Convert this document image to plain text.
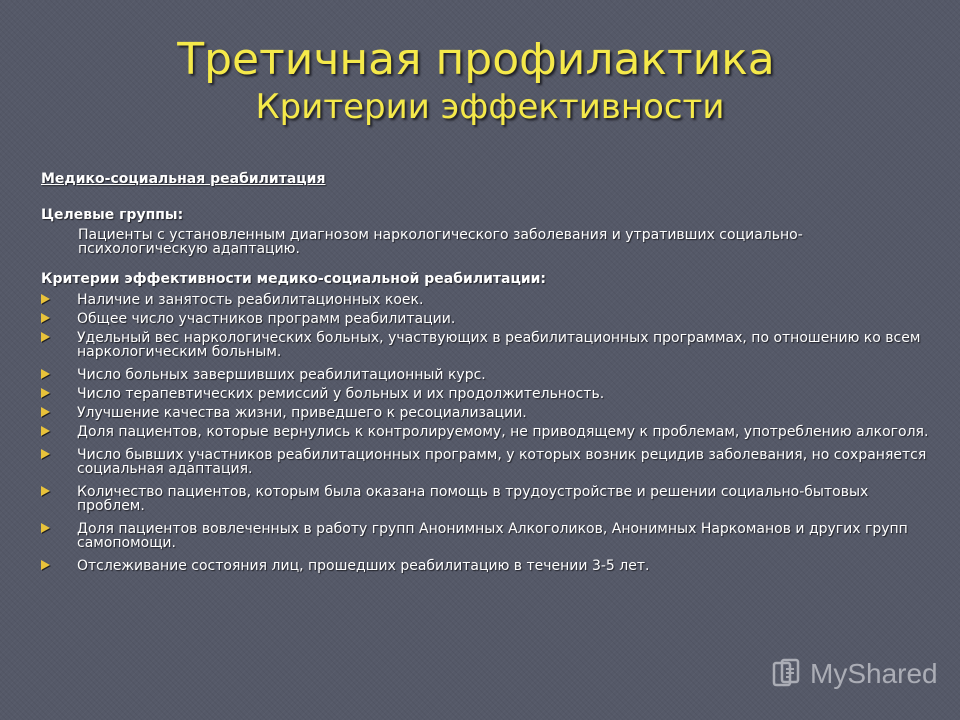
Третичная профилактика
Критерии эффективности

Медико-социальная реабилитация

Целевые группы:

Пациенты с установленным диагнозом наркологического заболевания и утративших социально-психологическую адаптацию.

Критерии эффективности медико-социальной реабилитации:

Наличие и занятость реабилитационных коек.
Общее число участников программ реабилитации.
Удельный вес наркологических больных, участвующих в реабилитационных программах, по отношению ко всем наркологическим больным.
Число больных завершивших реабилитационный курс.
Число терапевтических ремиссий у больных и их продолжительность.
Улучшение качества жизни, приведшего к ресоциализации.
Доля пациентов, которые вернулись к контролируемому, не приводящему к проблемам, употреблению алкоголя.
Число бывших участников реабилитационных программ, у которых возник рецидив заболевания, но сохраняется социальная адаптация.
Количество пациентов, которым была оказана помощь в трудоустройстве и решении социально-бытовых проблем.
Доля пациентов вовлеченных в работу групп Анонимных Алкоголиков, Анонимных Наркоманов и других групп самопомощи.
Отслеживание состояния лиц, прошедших реабилитацию в течении 3-5 лет.
MyShared
